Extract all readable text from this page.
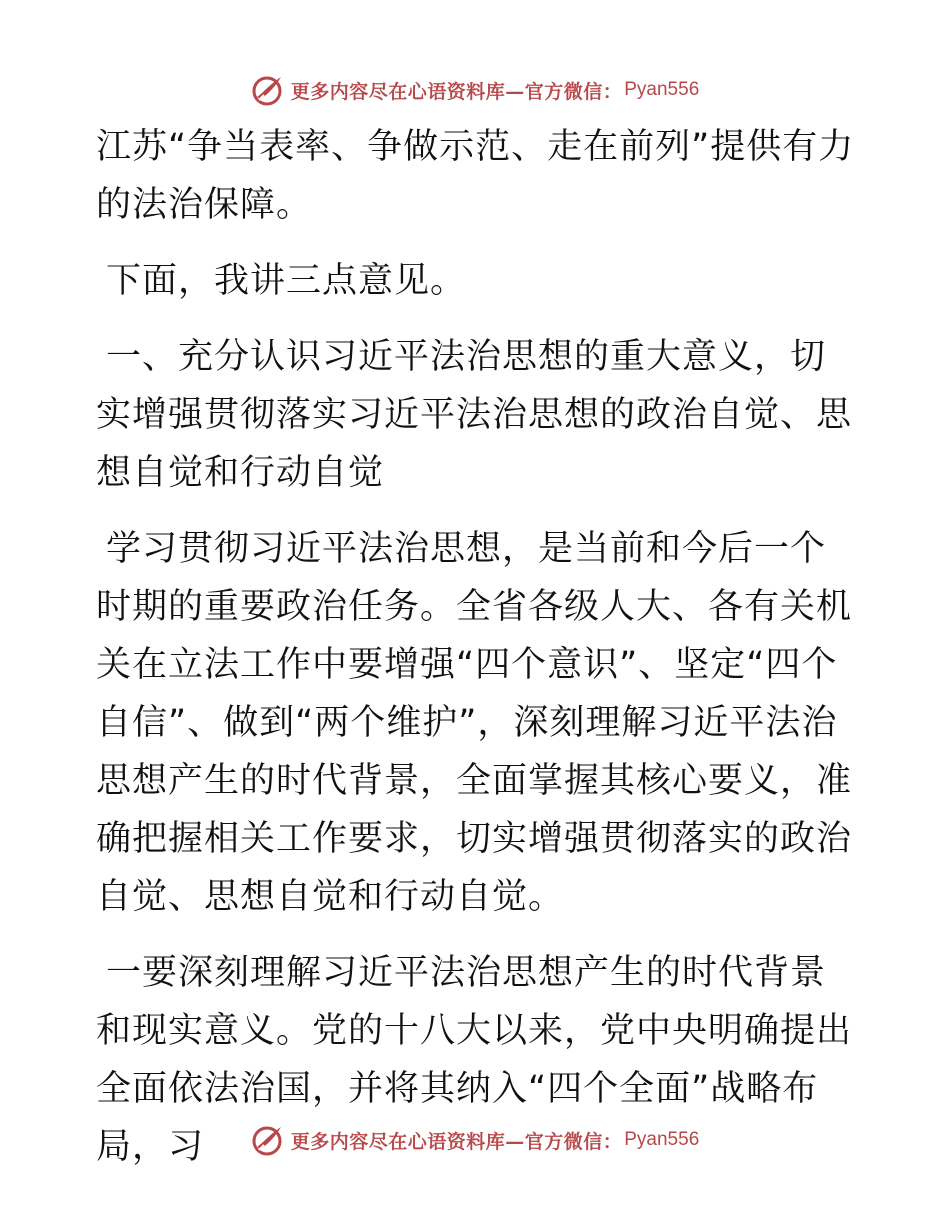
更多内容尽在心语资料库—官方微信： Pyan556

江苏“争当表率、争做示范、走在前列”提供有力的法治保障。

下面，我讲三点意见。

一、充分认识习近平法治思想的重大意义，切实增强贯彻落实习近平法治思想的政治自觉、思想自觉和行动自觉

学习贯彻习近平法治思想，是当前和今后一个时期的重要政治任务。全省各级人大、各有关机关在立法工作中要增强“四个意识”、坚定“四个自信”、做到“两个维护”，深刻理解习近平法治思想产生的时代背景，全面掌握其核心要义，准确把握相关工作要求，切实增强贯彻落实的政治自觉、思想自觉和行动自觉。

一要深刻理解习近平法治思想产生的时代背景和现实意义。党的十八大以来，党中央明确提出全面依法治国，并将其纳入“四个全面”战略布局，习	更多内容尽在心语资料库—官方微信： Pyan556
